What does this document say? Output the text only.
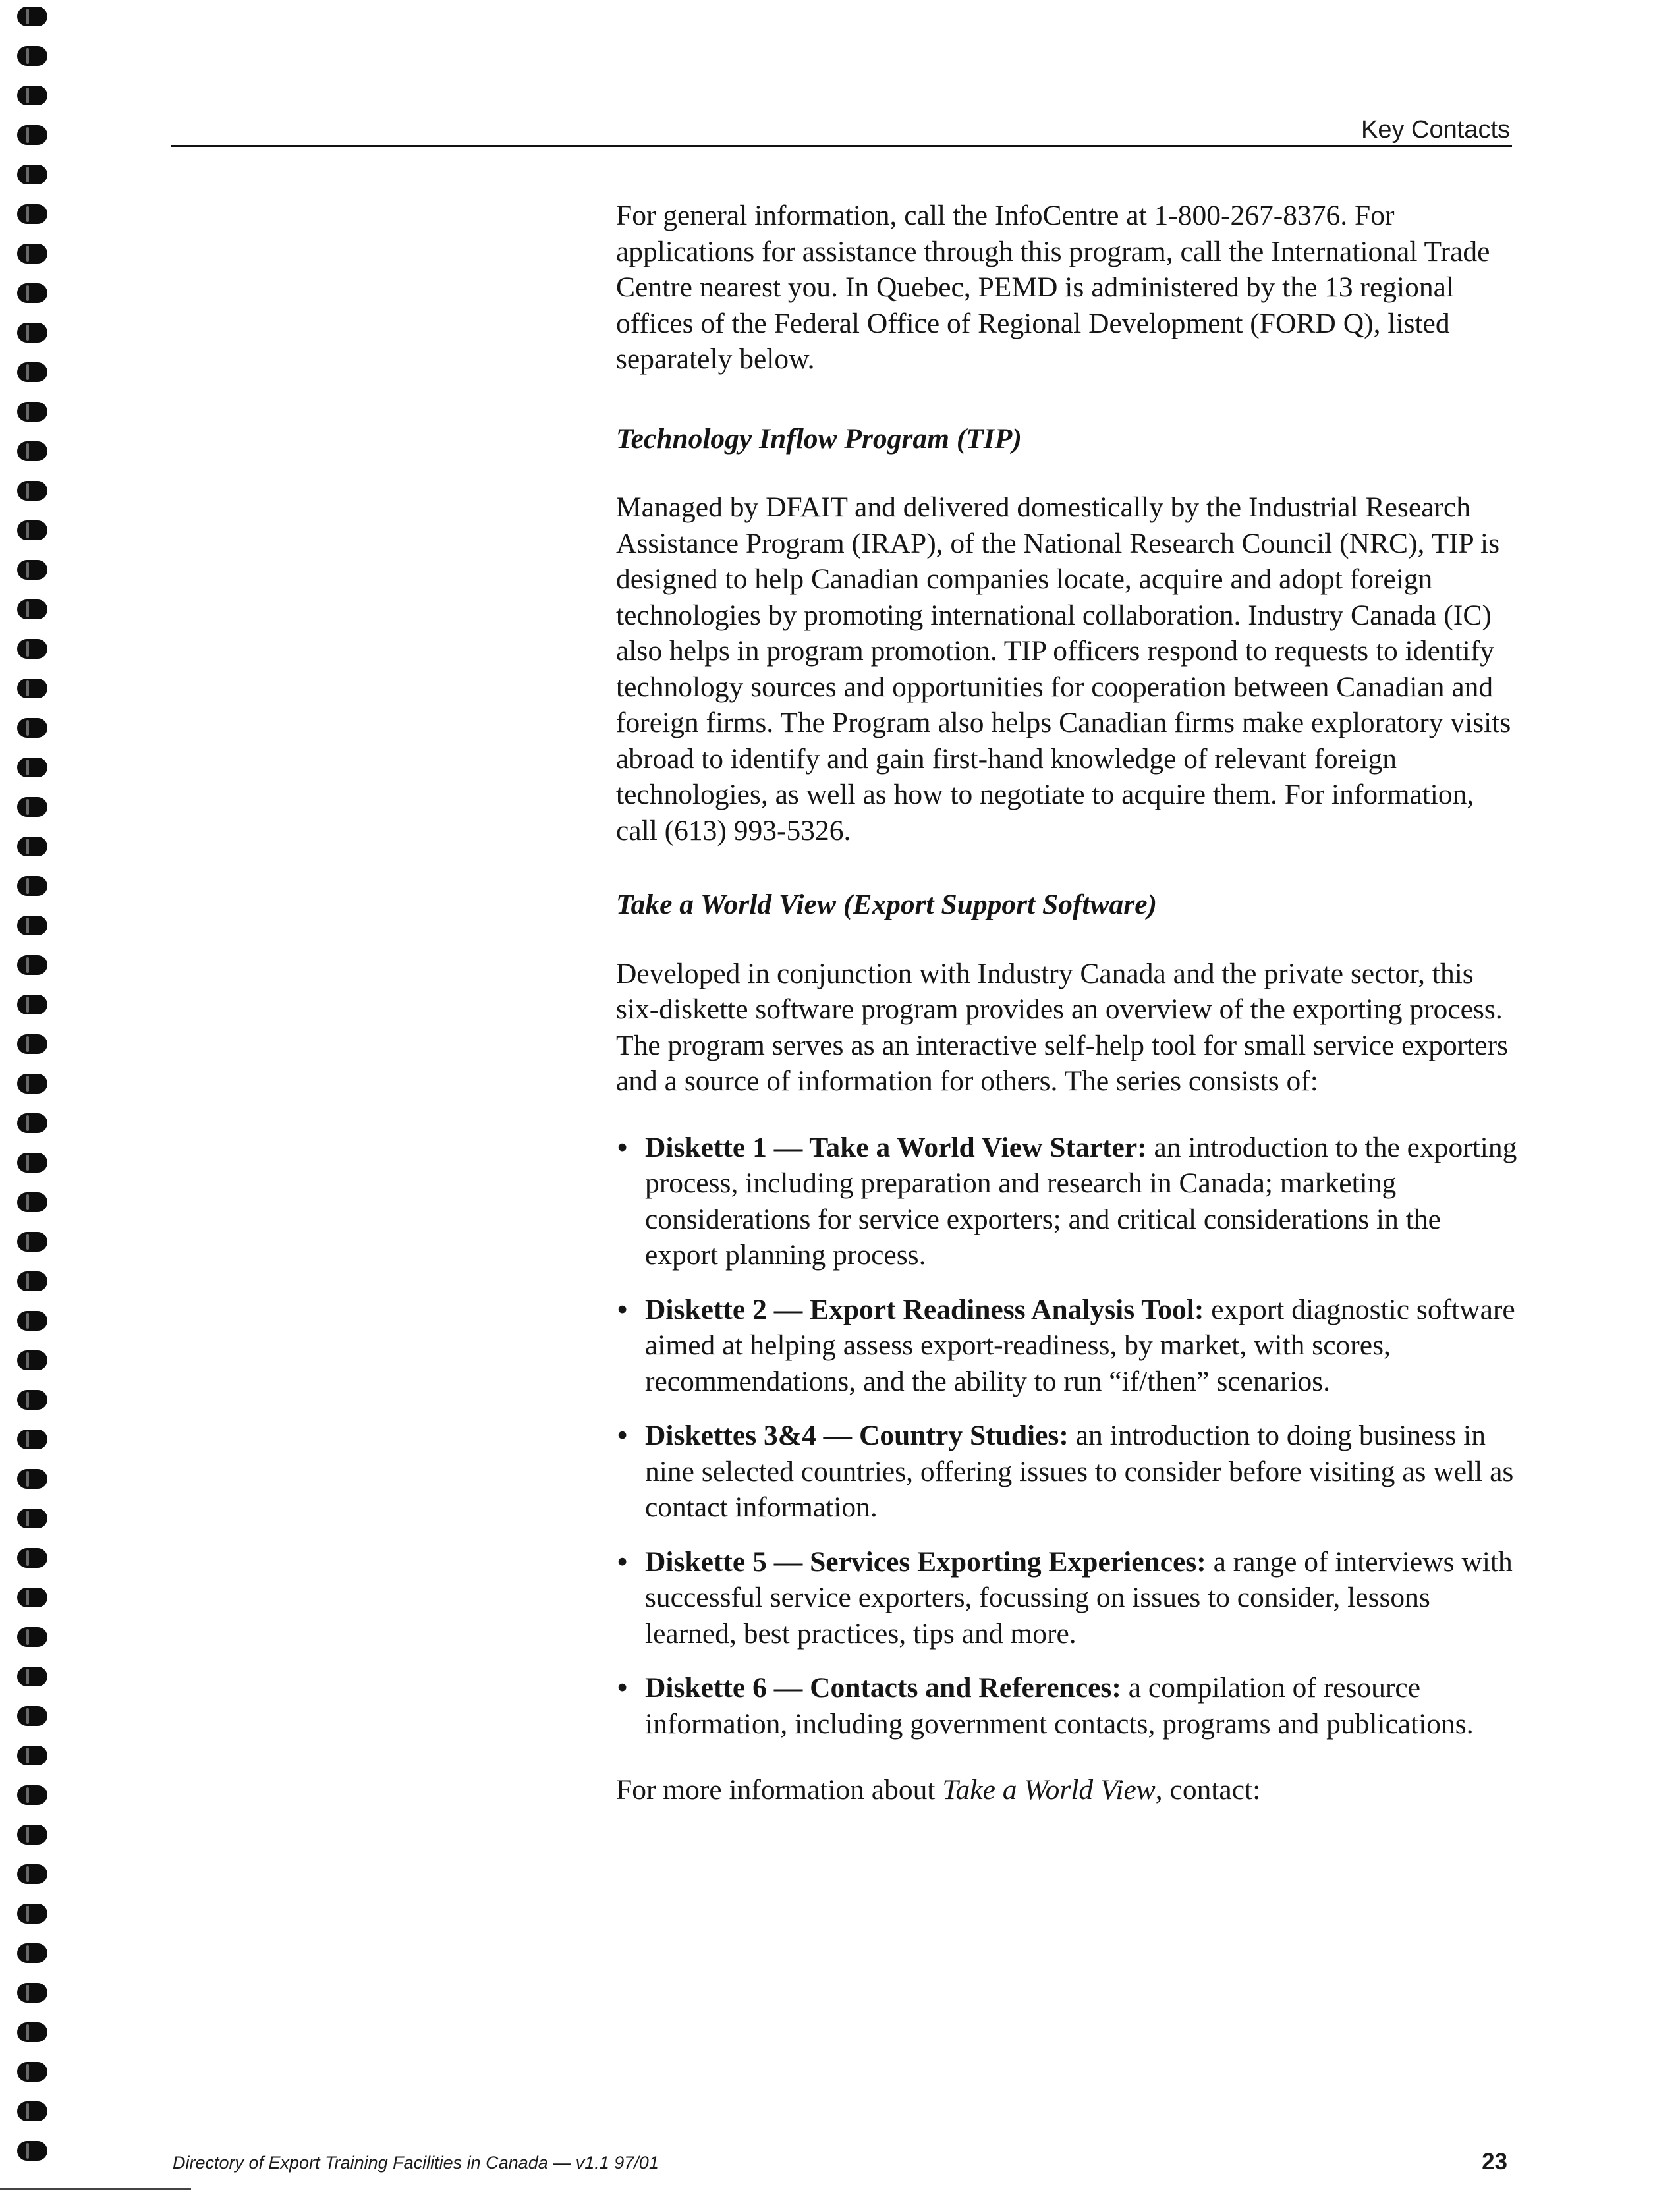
Key Contacts

For general information, call the InfoCentre at 1-800-267-8376. For applications for assistance through this program, call the International Trade Centre nearest you. In Quebec, PEMD is administered by the 13 regional offices of the Federal Office of Regional Development (FORD Q), listed separately below.

Technology Inflow Program (TIP)

Managed by DFAIT and delivered domestically by the Industrial Research Assistance Program (IRAP), of the National Research Council (NRC), TIP is designed to help Canadian companies locate, acquire and adopt foreign technologies by promoting international collaboration. Industry Canada (IC) also helps in program promotion. TIP officers respond to requests to identify technology sources and opportunities for cooperation between Canadian and foreign firms. The Program also helps Canadian firms make exploratory visits abroad to identify and gain first-hand knowledge of relevant foreign technologies, as well as how to negotiate to acquire them. For information, call (613) 993-5326.

Take a World View (Export Support Software)

Developed in conjunction with Industry Canada and the private sector, this six-diskette software program provides an overview of the exporting process. The program serves as an interactive self-help tool for small service exporters and a source of information for others. The series consists of:

• Diskette 1 — Take a World View Starter: an introduction to the exporting process, including preparation and research in Canada; marketing considerations for service exporters; and critical considerations in the export planning process.
• Diskette 2 — Export Readiness Analysis Tool: export diagnostic software aimed at helping assess export-readiness, by market, with scores, recommendations, and the ability to run “if/then” scenarios.
• Diskettes 3&4 — Country Studies: an introduction to doing business in nine selected countries, offering issues to consider before visiting as well as contact information.
• Diskette 5 — Services Exporting Experiences: a range of interviews with successful service exporters, focussing on issues to consider, lessons learned, best practices, tips and more.
• Diskette 6 — Contacts and References: a compilation of resource information, including government contacts, programs and publications.

For more information about Take a World View, contact:

Directory of Export Training Facilities in Canada — v1.1 97/01	23
